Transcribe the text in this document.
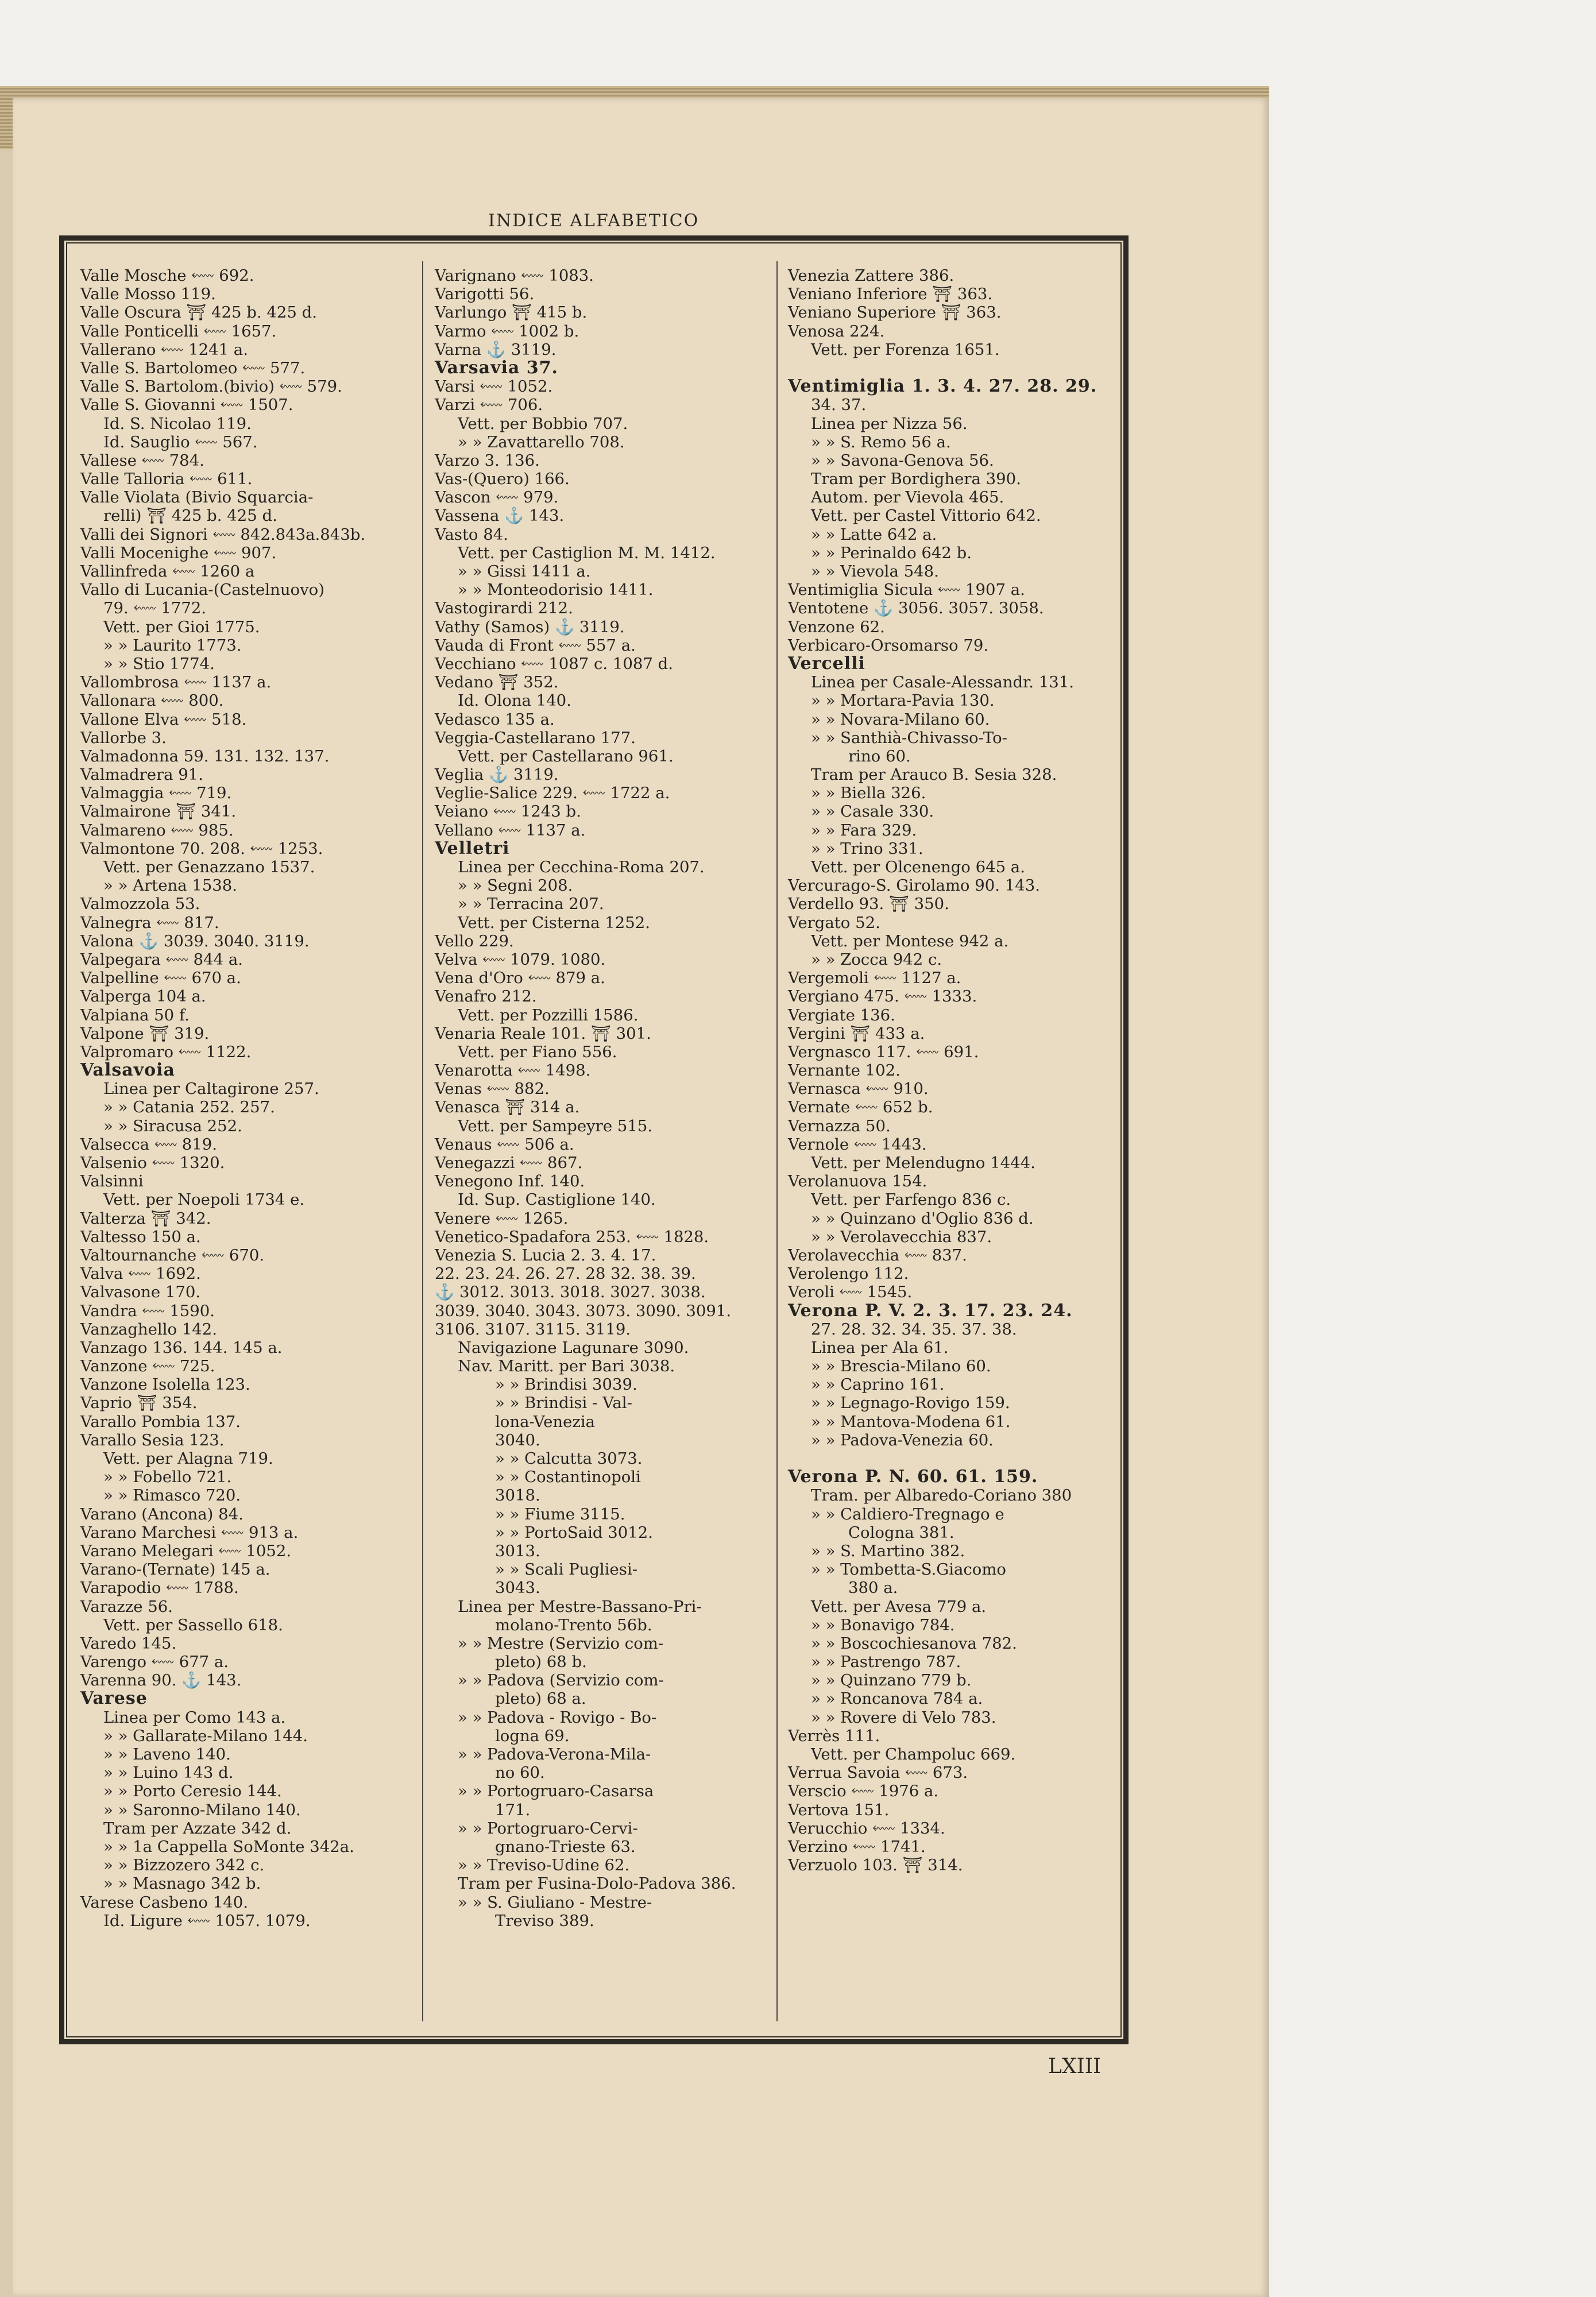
INDICE ALFABETICO
Valle Mosche ⬳ 692.
Valle Mosso 119.
Valle Oscura ⛩ 425 b. 425 d.
Valle Ponticelli ⬳ 1657.
Vallerano ⬳ 1241 a.
Valle S. Bartolomeo ⬳ 577.
Valle S. Bartolom.(bivio) ⬳ 579.
Valle S. Giovanni ⬳ 1507.
Id. S. Nicolao 119.
Id. Sauglio ⬳ 567.
Vallese ⬳ 784.
Valle Talloria ⬳ 611.
Valle Violata (Bivio Squarcia-
relli) ⛩ 425 b. 425 d.
Valli dei Signori ⬳ 842.843a.843b.
Valli Mocenighe ⬳ 907.
Vallinfreda ⬳ 1260 a
Vallo di Lucania-(Castelnuovo)
79. ⬳ 1772.
Vett. per Gioi 1775.
» » Laurito 1773.
» » Stio 1774.
Vallombrosa ⬳ 1137 a.
Vallonara ⬳ 800.
Vallone Elva ⬳ 518.
Vallorbe 3.
Valmadonna 59. 131. 132. 137.
Valmadrera 91.
Valmaggia ⬳ 719.
Valmairone ⛩ 341.
Valmareno ⬳ 985.
Valmontone 70. 208. ⬳ 1253.
Vett. per Genazzano 1537.
» » Artena 1538.
Valmozzola 53.
Valnegra ⬳ 817.
Valona ⚓ 3039. 3040. 3119.
Valpegara ⬳ 844 a.
Valpelline ⬳ 670 a.
Valperga 104 a.
Valpiana 50 f.
Valpone ⛩ 319.
Valpromaro ⬳ 1122.
Valsavoia
Linea per Caltagirone 257.
» » Catania 252. 257.
» » Siracusa 252.
Valsecca ⬳ 819.
Valsenio ⬳ 1320.
Valsinni
Vett. per Noepoli 1734 e.
Valterza ⛩ 342.
Valtesso 150 a.
Valtournanche ⬳ 670.
Valva ⬳ 1692.
Valvasone 170.
Vandra ⬳ 1590.
Vanzaghello 142.
Vanzago 136. 144. 145 a.
Vanzone ⬳ 725.
Vanzone Isolella 123.
Vaprio ⛩ 354.
Varallo Pombia 137.
Varallo Sesia 123.
Vett. per Alagna 719.
» » Fobello 721.
» » Rimasco 720.
Varano (Ancona) 84.
Varano Marchesi ⬳ 913 a.
Varano Melegari ⬳ 1052.
Varano-(Ternate) 145 a.
Varapodio ⬳ 1788.
Varazze 56.
Vett. per Sassello 618.
Varedo 145.
Varengo ⬳ 677 a.
Varenna 90. ⚓ 143.
Varese
Linea per Como 143 a.
» » Gallarate-Milano 144.
» » Laveno 140.
» » Luino 143 d.
» » Porto Ceresio 144.
» » Saronno-Milano 140.
Tram per Azzate 342 d.
» » 1a Cappella SoMonte 342a.
» » Bizzozero 342 c.
» » Masnago 342 b.
Varese Casbeno 140.
Id. Ligure ⬳ 1057. 1079.
Varignano ⬳ 1083.
Varigotti 56.
Varlungo ⛩ 415 b.
Varmo ⬳ 1002 b.
Varna ⚓ 3119.
Varsavia 37.
Varsi ⬳ 1052.
Varzi ⬳ 706.
Vett. per Bobbio 707.
» » Zavattarello 708.
Varzo 3. 136.
Vas-(Quero) 166.
Vascon ⬳ 979.
Vassena ⚓ 143.
Vasto 84.
Vett. per Castiglion M. M. 1412.
» » Gissi 1411 a.
» » Monteodorisio 1411.
Vastogirardi 212.
Vathy (Samos) ⚓ 3119.
Vauda di Front ⬳ 557 a.
Vecchiano ⬳ 1087 c. 1087 d.
Vedano ⛩ 352.
Id. Olona 140.
Vedasco 135 a.
Veggia-Castellarano 177.
Vett. per Castellarano 961.
Veglia ⚓ 3119.
Veglie-Salice 229. ⬳ 1722 a.
Veiano ⬳ 1243 b.
Vellano ⬳ 1137 a.
Velletri
Linea per Cecchina-Roma 207.
» » Segni 208.
» » Terracina 207.
Vett. per Cisterna 1252.
Vello 229.
Velva ⬳ 1079. 1080.
Vena d'Oro ⬳ 879 a.
Venafro 212.
Vett. per Pozzilli 1586.
Venaria Reale 101. ⛩ 301.
Vett. per Fiano 556.
Venarotta ⬳ 1498.
Venas ⬳ 882.
Venasca ⛩ 314 a.
Vett. per Sampeyre 515.
Venaus ⬳ 506 a.
Venegazzi ⬳ 867.
Venegono Inf. 140.
Id. Sup. Castiglione 140.
Venere ⬳ 1265.
Venetico-Spadafora 253. ⬳ 1828.
Venezia S. Lucia 2. 3. 4. 17.
22. 23. 24. 26. 27. 28 32. 38. 39.
⚓ 3012. 3013. 3018. 3027. 3038.
3039. 3040. 3043. 3073. 3090. 3091.
3106. 3107. 3115. 3119.
Navigazione Lagunare 3090.
Nav. Maritt. per Bari 3038.
» » Brindisi 3039.
» » Brindisi - Val-
lona-Venezia
3040.
» » Calcutta 3073.
» » Costantinopoli
3018.
» » Fiume 3115.
» » PortoSaid 3012.
3013.
» » Scali Pugliesi-
3043.
Linea per Mestre-Bassano-Pri-
molano-Trento 56b.
» » Mestre (Servizio com-
pleto) 68 b.
» » Padova (Servizio com-
pleto) 68 a.
» » Padova - Rovigo - Bo-
logna 69.
» » Padova-Verona-Mila-
no 60.
» » Portogruaro-Casarsa
171.
» » Portogruaro-Cervi-
gnano-Trieste 63.
» » Treviso-Udine 62.
Tram per Fusina-Dolo-Padova 386.
» » S. Giuliano - Mestre-
Treviso 389.
Venezia Zattere 386.
Veniano Inferiore ⛩ 363.
Veniano Superiore ⛩ 363.
Venosa 224.
Vett. per Forenza 1651.
Ventimiglia 1. 3. 4. 27. 28. 29.
34. 37.
Linea per Nizza 56.
» » S. Remo 56 a.
» » Savona-Genova 56.
Tram per Bordighera 390.
Autom. per Vievola 465.
Vett. per Castel Vittorio 642.
» » Latte 642 a.
» » Perinaldo 642 b.
» » Vievola 548.
Ventimiglia Sicula ⬳ 1907 a.
Ventotene ⚓ 3056. 3057. 3058.
Venzone 62.
Verbicaro-Orsomarso 79.
Vercelli
Linea per Casale-Alessandr. 131.
» » Mortara-Pavia 130.
» » Novara-Milano 60.
» » Santhià-Chivasso-To-
rino 60.
Tram per Arauco B. Sesia 328.
» » Biella 326.
» » Casale 330.
» » Fara 329.
» » Trino 331.
Vett. per Olcenengo 645 a.
Vercurago-S. Girolamo 90. 143.
Verdello 93. ⛩ 350.
Vergato 52.
Vett. per Montese 942 a.
» » Zocca 942 c.
Vergemoli ⬳ 1127 a.
Vergiano 475. ⬳ 1333.
Vergiate 136.
Vergini ⛩ 433 a.
Vergnasco 117. ⬳ 691.
Vernante 102.
Vernasca ⬳ 910.
Vernate ⬳ 652 b.
Vernazza 50.
Vernole ⬳ 1443.
Vett. per Melendugno 1444.
Verolanuova 154.
Vett. per Farfengo 836 c.
» » Quinzano d'Oglio 836 d.
» » Verolavecchia 837.
Verolavecchia ⬳ 837.
Verolengo 112.
Veroli ⬳ 1545.
Verona P. V. 2. 3. 17. 23. 24.
27. 28. 32. 34. 35. 37. 38.
Linea per Ala 61.
» » Brescia-Milano 60.
» » Caprino 161.
» » Legnago-Rovigo 159.
» » Mantova-Modena 61.
» » Padova-Venezia 60.
Verona P. N. 60. 61. 159.
Tram. per Albaredo-Coriano 380
» » Caldiero-Tregnago e
Cologna 381.
» » S. Martino 382.
» » Tombetta-S.Giacomo
380 a.
Vett. per Avesa 779 a.
» » Bonavigo 784.
» » Boscochiesanova 782.
» » Pastrengo 787.
» » Quinzano 779 b.
» » Roncanova 784 a.
» » Rovere di Velo 783.
Verrès 111.
Vett. per Champoluc 669.
Verrua Savoia ⬳ 673.
Verscio ⬳ 1976 a.
Vertova 151.
Verucchio ⬳ 1334.
Verzino ⬳ 1741.
Verzuolo 103. ⛩ 314.
LXIII
